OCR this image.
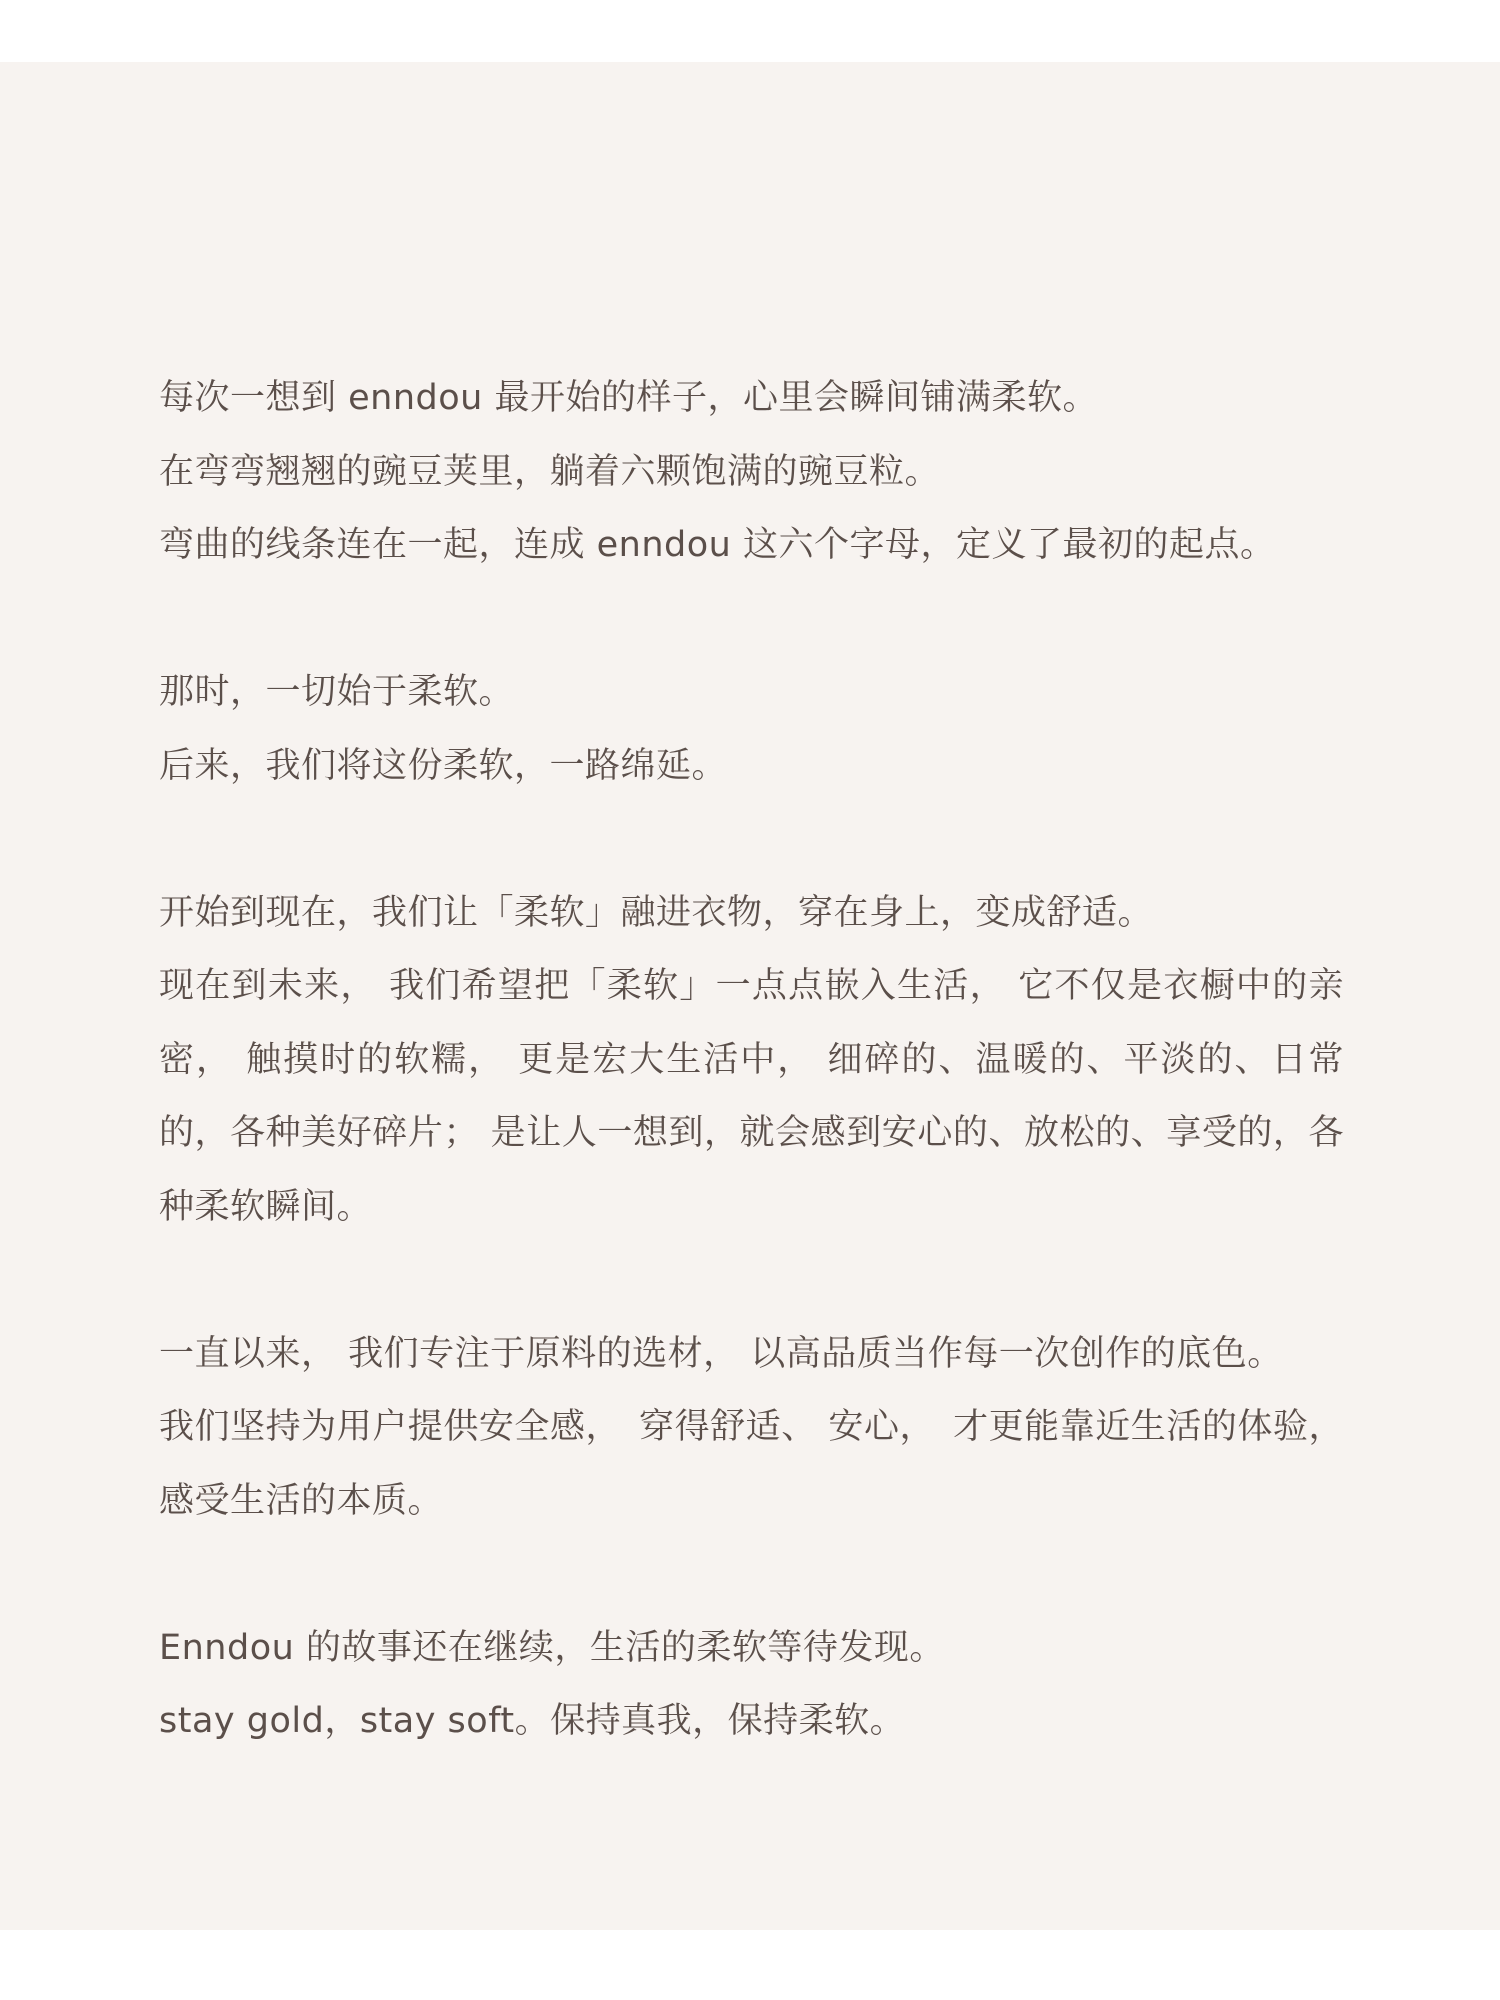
每次一想到 enndou 最开始的样子，心里会瞬间铺满柔软。
在弯弯翘翘的豌豆荚里，躺着六颗饱满的豌豆粒。
弯曲的线条连在一起，连成 enndou 这六个字母，定义了最初的起点。
那时，一切始于柔软。
后来，我们将这份柔软，一路绵延。
开始到现在，我们让「柔软」融进衣物，穿在身上，变成舒适。
现在到未来， 我们希望把「柔软」一点点嵌入生活， 它不仅是衣橱中的亲密， 触摸时的软糯， 更是宏大生活中， 细碎的、温暖的、平淡的、日常的，各种美好碎片； 是让人一想到，就会感到安心的、放松的、享受的，各种柔软瞬间。
一直以来， 我们专注于原料的选材， 以高品质当作每一次创作的底色。
我们坚持为用户提供安全感，　穿得舒适、 安心，　才更能靠近生活的体验，感受生活的本质。
Enndou 的故事还在继续，生活的柔软等待发现。
stay gold，stay soft。保持真我，保持柔软。
